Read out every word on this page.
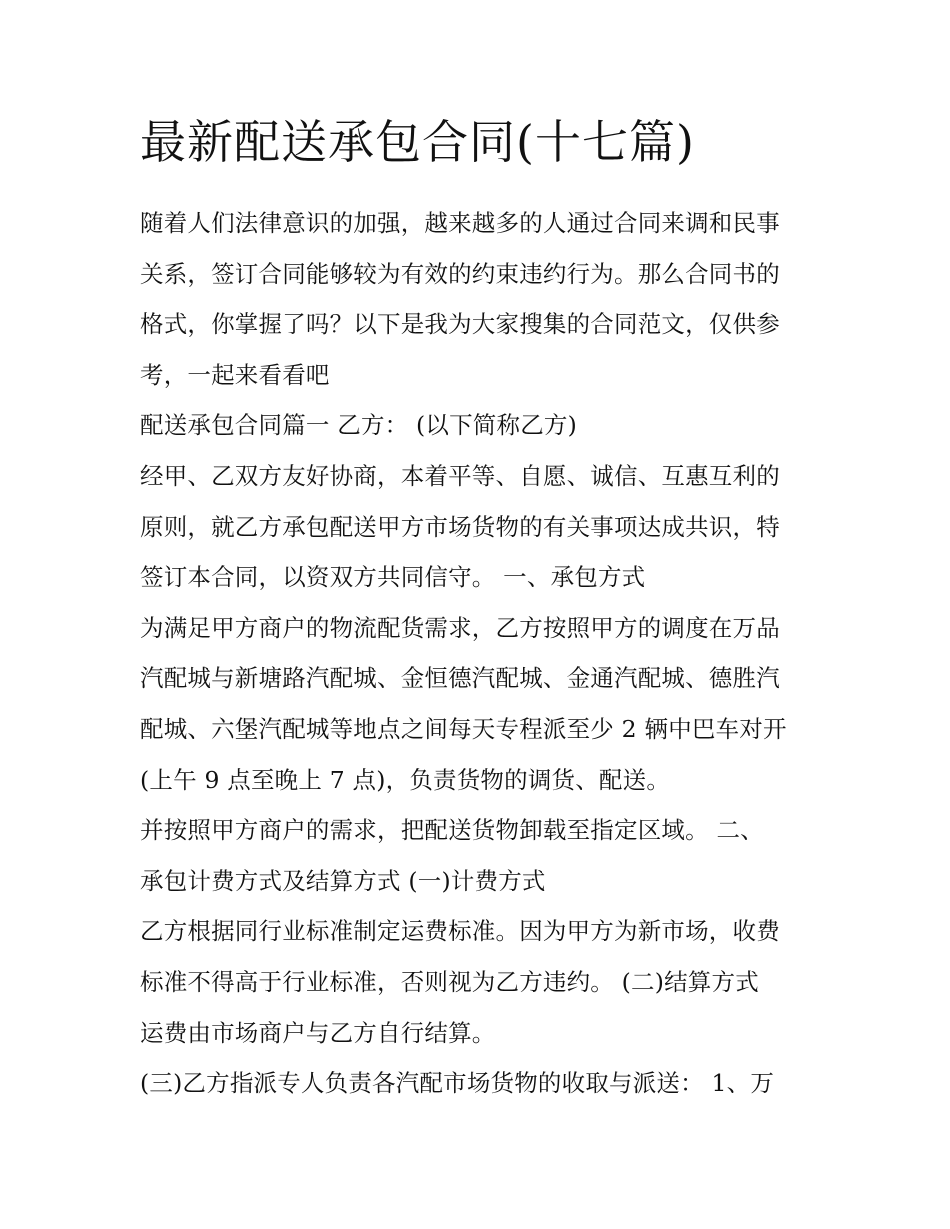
最新配送承包合同(十七篇)

随着人们法律意识的加强，越来越多的人通过合同来调和民事

关系，签订合同能够较为有效的约束违约行为。那么合同书的

格式，你掌握了吗？以下是我为大家搜集的合同范文，仅供参

考，一起来看看吧

配送承包合同篇一 乙方： (以下简称乙方)

经甲、乙双方友好协商，本着平等、自愿、诚信、互惠互利的

原则，就乙方承包配送甲方市场货物的有关事项达成共识，特

签订本合同，以资双方共同信守。 一、承包方式

为满足甲方商户的物流配货需求，乙方按照甲方的调度在万品

汽配城与新塘路汽配城、金恒德汽配城、金通汽配城、德胜汽

配城、六堡汽配城等地点之间每天专程派至少 2 辆中巴车对开

(上午 9 点至晚上 7 点)，负责货物的调货、配送。

并按照甲方商户的需求，把配送货物卸载至指定区域。 二、

承包计费方式及结算方式 (一)计费方式

乙方根据同行业标准制定运费标准。因为甲方为新市场，收费

标准不得高于行业标准，否则视为乙方违约。 (二)结算方式

运费由市场商户与乙方自行结算。

(三)乙方指派专人负责各汽配市场货物的收取与派送： 1、万
